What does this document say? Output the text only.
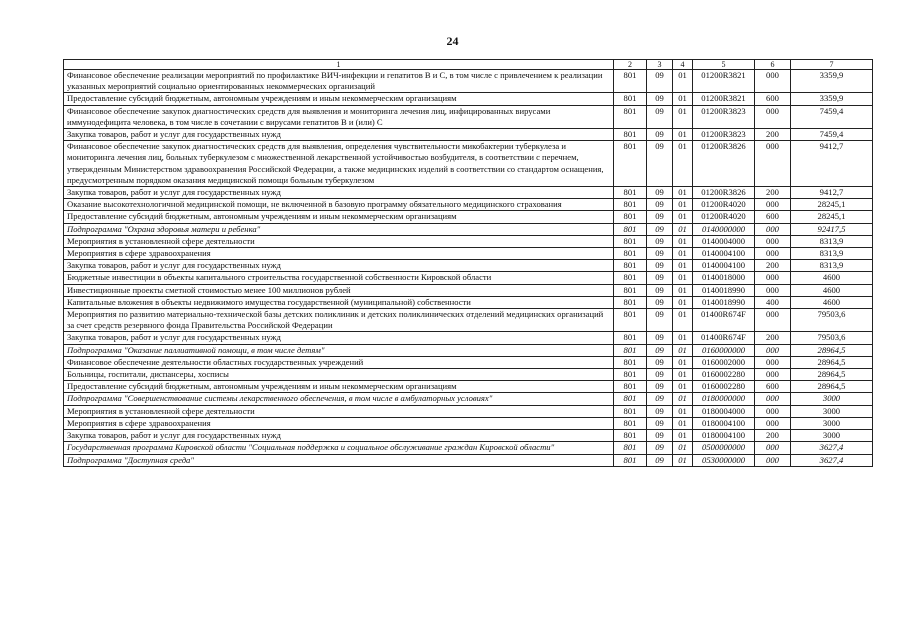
24
1	2	3	4	5	6	7
Финансовое обеспечение реализации мероприятий по профилактике ВИЧ-инфекции и гепатитов В и С, в том числе с привлечением к реализации указанных мероприятий социально ориентированных некоммерческих организаций	801	09	01	01200R3821	000	3359,9
Предоставление субсидий бюджетным, автономным учреждениям и иным некоммерческим организациям	801	09	01	01200R3821	600	3359,9
Финансовое обеспечение закупок диагностических средств для выявления и мониторинга лечения лиц, инфицированных вирусами иммунодефицита человека, в том числе в сочетании с вирусами гепатитов В и (или) С	801	09	01	01200R3823	000	7459,4
Закупка товаров, работ и услуг для государственных нужд	801	09	01	01200R3823	200	7459,4
Финансовое обеспечение закупок диагностических средств для выявления, определения чувствительности микобактерии туберкулеза и мониторинга лечения лиц, больных туберкулезом с множественной лекарственной устойчивостью возбудителя, в соответствии с перечнем, утвержденным Министерством здравоохранения Российской Федерации, а также медицинских изделий в соответствии со стандартом оснащения, предусмотренным порядком оказания медицинской помощи больным туберкулезом	801	09	01	01200R3826	000	9412,7
Закупка товаров, работ и услуг для государственных нужд	801	09	01	01200R3826	200	9412,7
Оказание высокотехнологичной медицинской помощи, не включенной в базовую программу обязательного медицинского страхования	801	09	01	01200R4020	000	28245,1
Предоставление субсидий бюджетным, автономным учреждениям и иным некоммерческим организациям	801	09	01	01200R4020	600	28245,1
Подпрограмма "Охрана здоровья матери и ребенка"	801	09	01	0140000000	000	92417,5
Мероприятия в установленной сфере деятельности	801	09	01	0140004000	000	8313,9
Мероприятия в сфере здравоохранения	801	09	01	0140004100	000	8313,9
Закупка товаров, работ и услуг для государственных нужд	801	09	01	0140004100	200	8313,9
Бюджетные инвестиции в объекты капитального строительства государственной собственности Кировской области	801	09	01	0140018000	000	4600
Инвестиционные проекты сметной стоимостью менее 100 миллионов рублей	801	09	01	0140018990	000	4600
Капитальные вложения в объекты недвижимого имущества государственной (муниципальной) собственности	801	09	01	0140018990	400	4600
Мероприятия по развитию материально-технической базы детских поликлиник и детских поликлинических отделений медицинских организаций за счет средств резервного фонда Правительства Российской Федерации	801	09	01	01400R674F	000	79503,6
Закупка товаров, работ и услуг для государственных нужд	801	09	01	01400R674F	200	79503,6
Подпрограмма "Оказание паллиативной помощи, в том числе детям"	801	09	01	0160000000	000	28964,5
Финансовое обеспечение деятельности областных государственных учреждений	801	09	01	0160002000	000	28964,5
Больницы, госпитали, диспансеры, хосписы	801	09	01	0160002280	000	28964,5
Предоставление субсидий бюджетным, автономным учреждениям и иным некоммерческим организациям	801	09	01	0160002280	600	28964,5
Подпрограмма "Совершенствование системы лекарственного обеспечения, в том числе в амбулаторных условиях"	801	09	01	0180000000	000	3000
Мероприятия в установленной сфере деятельности	801	09	01	0180004000	000	3000
Мероприятия в сфере здравоохранения	801	09	01	0180004100	000	3000
Закупка товаров, работ и услуг для государственных нужд	801	09	01	0180004100	200	3000
Государственная программа Кировской области "Социальная поддержка и социальное обслуживание граждан Кировской области"	801	09	01	0500000000	000	3627,4
Подпрограмма "Доступная среда"	801	09	01	0530000000	000	3627,4
